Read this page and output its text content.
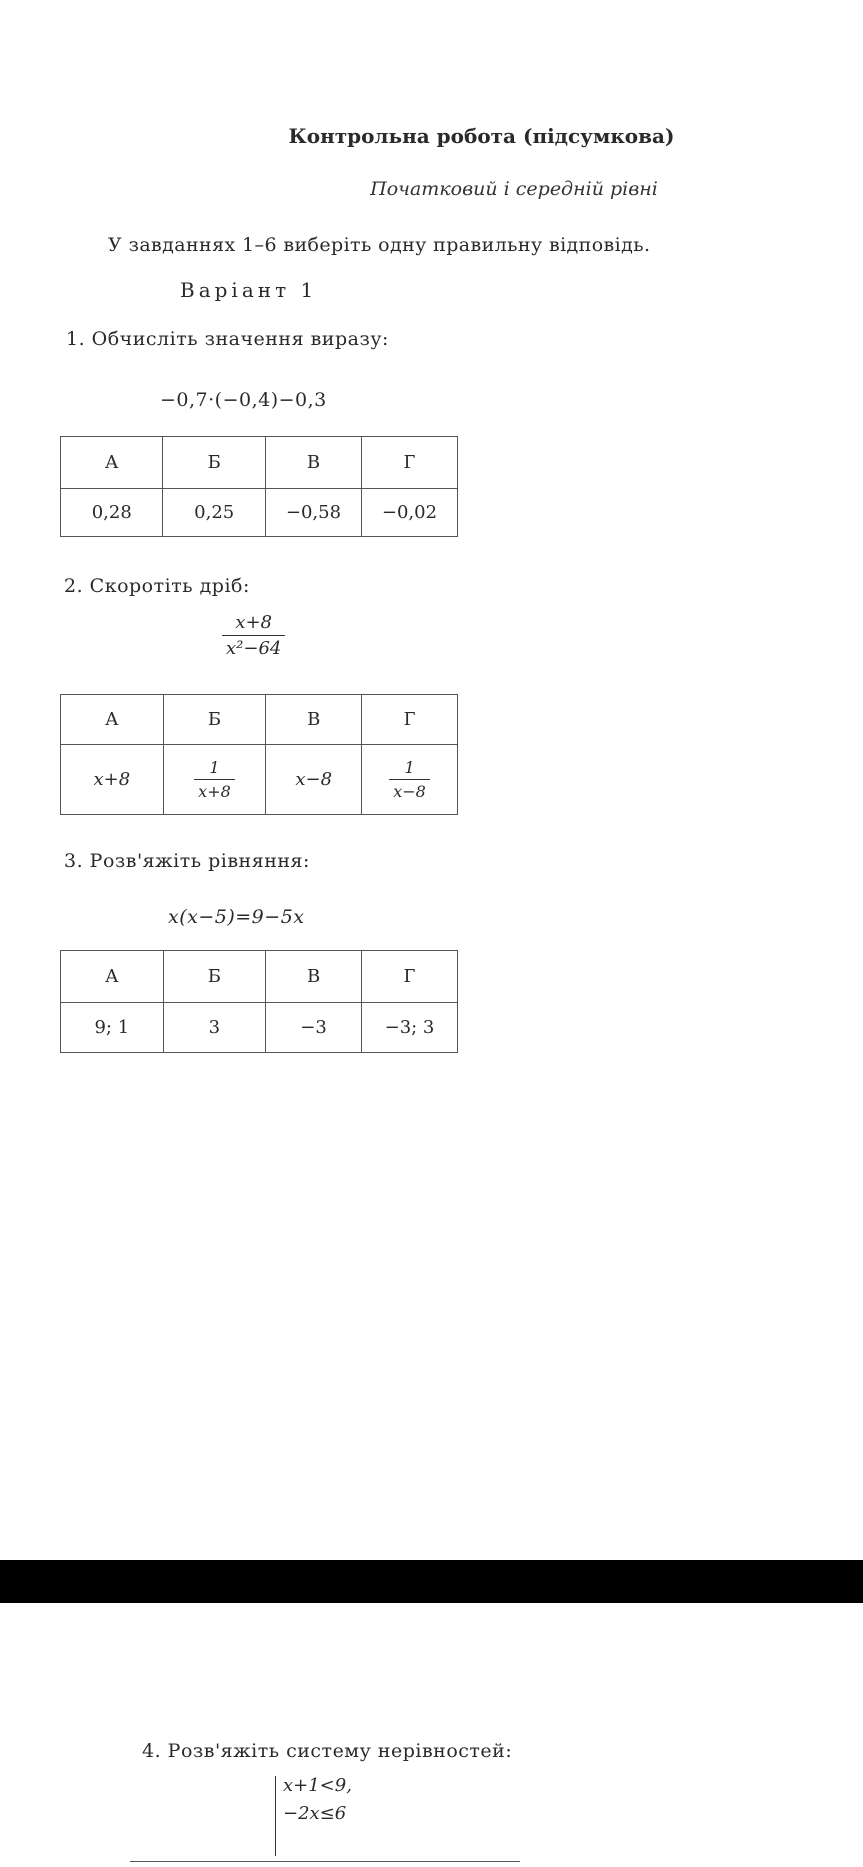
Контрольна робота (підсумкова)
Початковий і середній рівні
У завданнях 1–6 виберіть одну правильну відповідь.
Варіант 1
1. Обчисліть значення виразу:
−0,7·(−0,4)−0,3
А	Б	В	Г
0,28	0,25	−0,58	−0,02
2. Скоротіть дріб:
$\frac{x+8}{\text{x²−64}}$
А	Б	В	Г
x+8	$\frac{1}{x+8}$	x−8	$\frac{1}{x-8}$
3. Розв'яжіть рівняння:
x(x−5)=9−5x
А	Б	В	Г
9; 1	3	−3	−3; 3
4. Розв'яжіть систему нерівностей:
x+1<9,
−2x≤6
